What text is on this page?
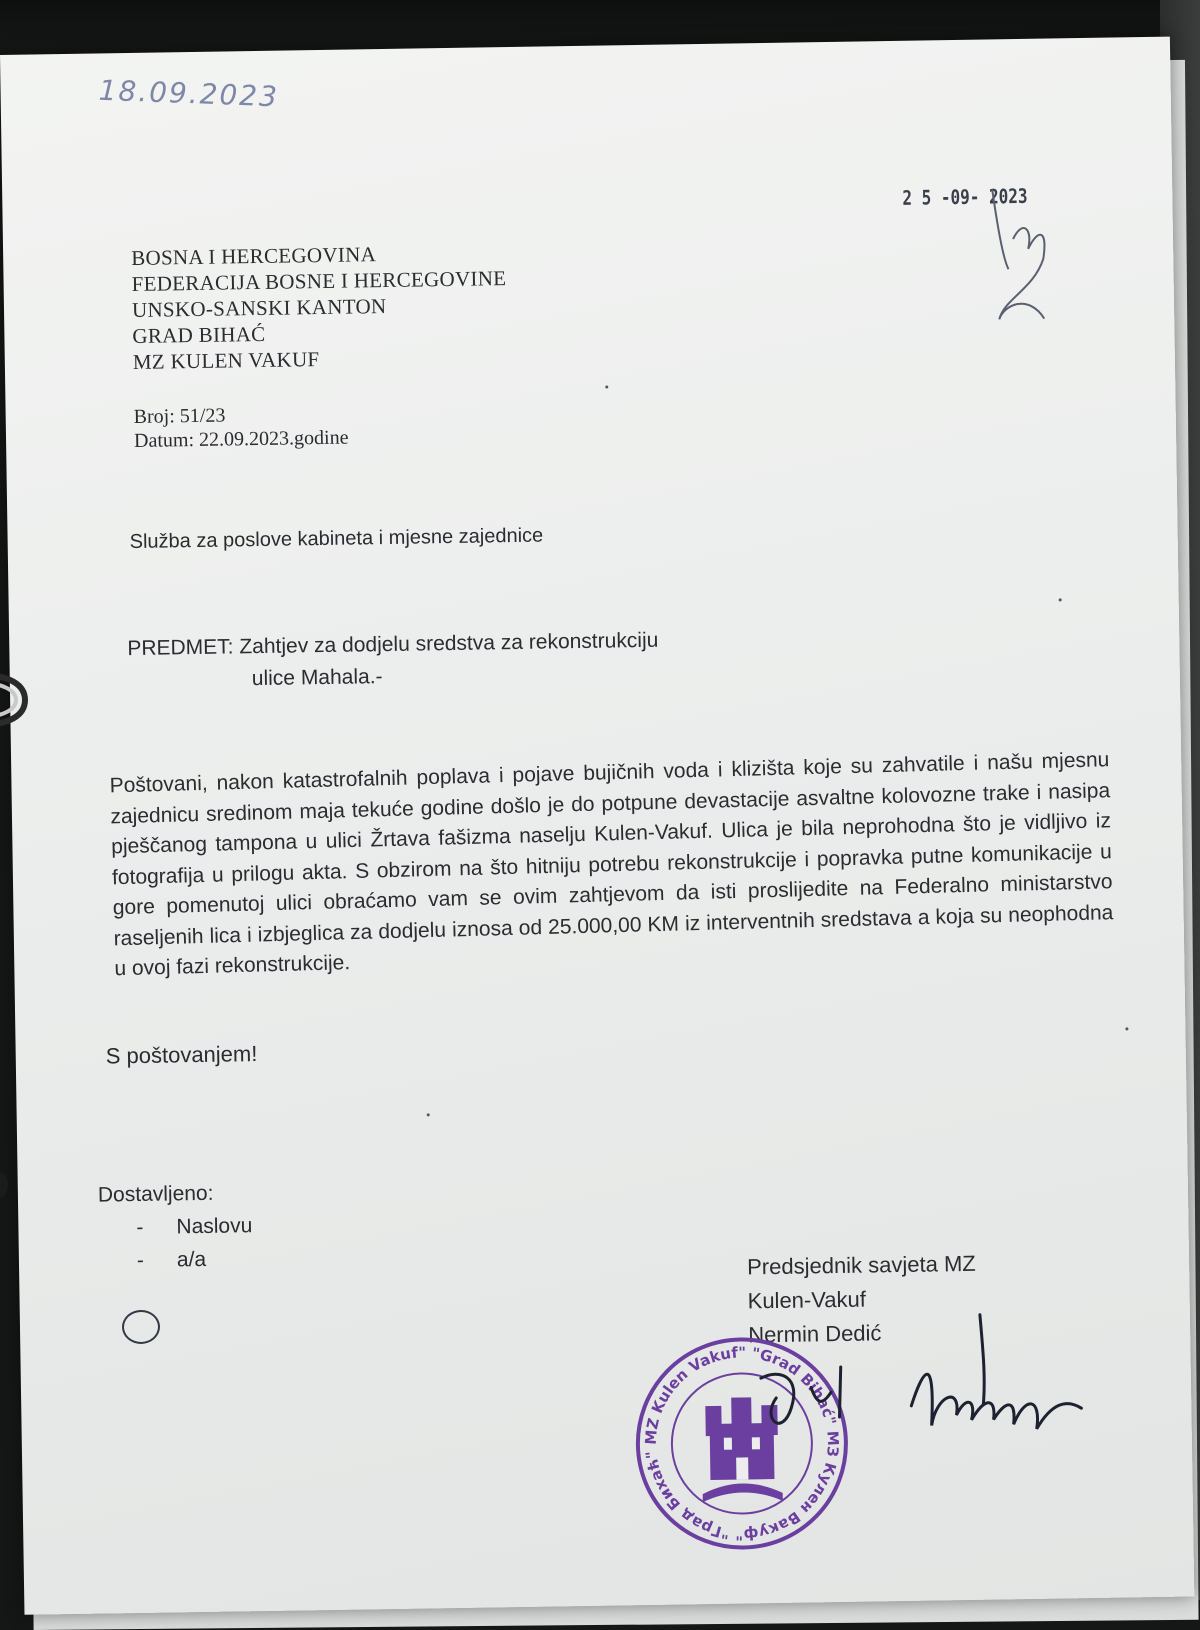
18.09.2023
2 5 -09- 2023
BOSNA I HERCEGOVINA
FEDERACIJA BOSNE I HERCEGOVINE
UNSKO-SANSKI KANTON
GRAD BIHAĆ
MZ KULEN VAKUF
Broj: 51/23
Datum: 22.09.2023.godine
Služba za poslove kabineta i mjesne zajednice
PREDMET: Zahtjev za dodjelu sredstva za rekonstrukciju
ulice Mahala.-
Poštovani, nakon katastrofalnih poplava i pojave bujičnih voda i klizišta koje su zahvatile i našu mjesnu zajednicu sredinom maja tekuće godine došlo je do potpune devastacije asvaltne kolovozne trake i nasipa pješčanog tampona u ulici Žrtava fašizma naselju Kulen-Vakuf. Ulica je bila neprohodna što je vidljivo iz fotografija u prilogu akta. S obzirom na što hitniju potrebu rekonstrukcije i popravka putne komunikacije u gore pomenutoj ulici obraćamo vam se ovim zahtjevom da isti proslijedite na Federalno ministarstvo raseljenih lica i izbjeglica za dodjelu iznosa od 25.000,00 KM iz interventnih sredstava a koja su neophodna u ovoj fazi rekonstrukcije.
S poštovanjem!
Dostavljeno:
- Naslovu
- a/a	Predsjednik savjeta MZ
Kulen-Vakuf
Nermin Dedić
MZ Kulen Vakuf" "Grad Bihać" МЗ Кулен Вакуф" "Град Бихаћ"
